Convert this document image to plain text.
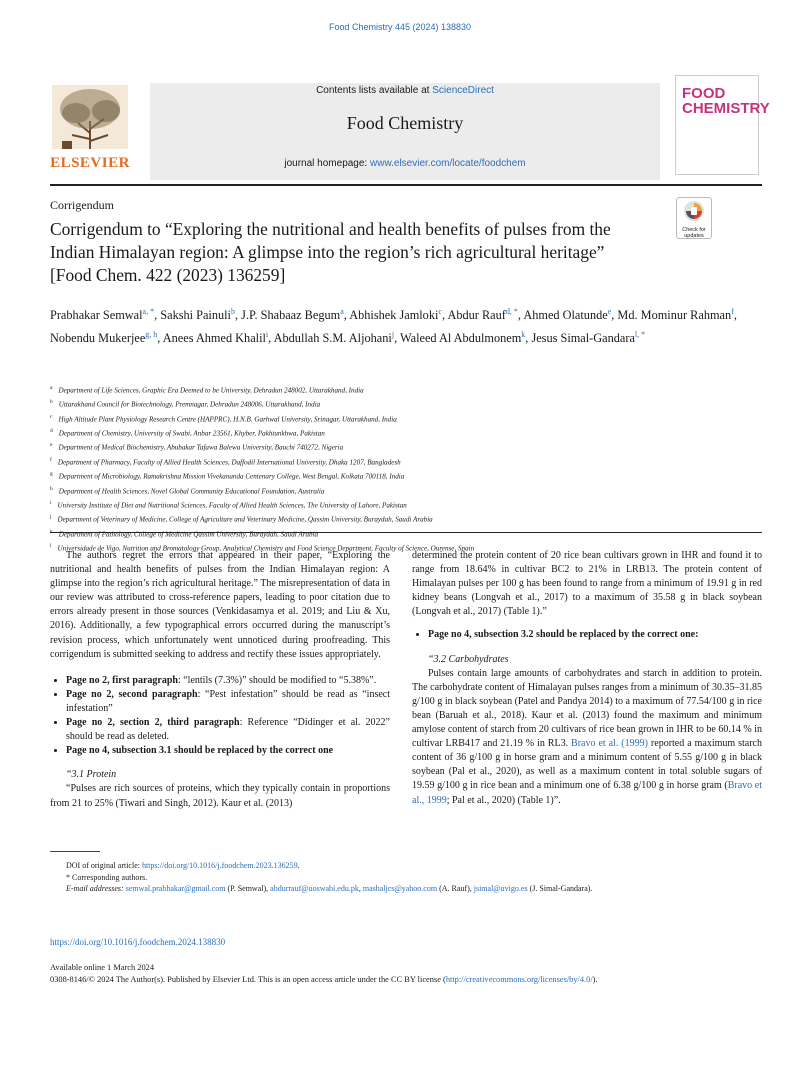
Food Chemistry 445 (2024) 138830
ELSEVIER
Contents lists available at ScienceDirect
Food Chemistry
journal homepage: www.elsevier.com/locate/foodchem
FOOD
CHEMISTRY
Corrigendum
Corrigendum to “Exploring the nutritional and health benefits of pulses from the Indian Himalayan region: A glimpse into the region’s rich agricultural heritage” [Food Chem. 422 (2023) 136259]
Check for updates
Prabhakar Semwal$^{a, *}$, Sakshi Painuli$^b$, J.P. Shabaaz Begum$^a$, Abhishek Jamloki$^c$, Abdur Rauf$^{d, *}$, Ahmed Olatunde$^e$, Md. Mominur Rahman$^f$, Nobendu Mukerjee$^{g, h}$, Anees Ahmed Khalil$^i$, Abdullah S.M. Aljohani$^j$, Waleed Al Abdulmonem$^k$, Jesus Simal-Gandara$^{l, *}$
$^a$ Department of Life Sciences, Graphic Era Deemed to be University, Dehradun 248002, Uttarakhand, India
$^b$ Uttarakhand Council for Biotechnology, Premnagar, Dehradun 248006, Uttarakhand, India
$^c$ High Altitude Plant Physiology Research Centre (HAPPRC), H.N.B. Garhwal University, Srinagar, Uttarakhand, India
$^d$ Department of Chemistry, University of Swabi, Anbar 23561, Khyber, Pakhtunkhwa, Pakistan
$^e$ Department of Medical Biochemistry, Abubakar Tafawa Balewa University, Bauchi 740272, Nigeria
$^f$ Department of Pharmacy, Faculty of Allied Health Sciences, Daffodil International University, Dhaka 1207, Bangladesh
$^g$ Department of Microbiology, Ramakrishna Mission Vivekananda Centenary College, West Bengal, Kolkata 700118, India
$^h$ Department of Health Sciences, Novel Global Community Educational Foundation, Australia
$^i$ University Institute of Diet and Nutritional Sciences, Faculty of Allied Health Sciences, The University of Lahore, Pakistan
$^j$ Department of Veterinary of Medicine, College of Agriculture and Veterinary Medicine, Qassim University, Buraydah, Saudi Arabia
$^k$ Department of Pathology, College of Medicine Qassim University, Buraydah, Saudi Arabia
$^l$ Universidade de Vigo, Nutrition and Bromatology Group, Analytical Chemistry and Food Science Department, Faculty of Science, Ourense, Spain
The authors regret the errors that appeared in their paper, “Exploring the nutritional and health benefits of pulses from the Indian Himalayan region: A glimpse into the region’s rich agricultural heritage.” The misrepresentation of data in our review was attributed to cross-reference papers, leading to poor citation due to errors already present in those sources (Venkidasamya et al. 2019; and Liu & Xu, 2016). Additionally, a few typographical errors occurred during the manuscript’s revision process, which unfortunately went unnoticed during proofreading. This corrigendum is submitted seeking to address and rectify these issues appropriately.
• Page no 2, first paragraph: “lentils (7.3%)” should be modified to “5.38%”.
• Page no 2, second paragraph: “Pest infestation” should be read as “insect infestation”
• Page no 2, section 2, third paragraph: Reference “Didinger et al. 2022” should be read as deleted.
• Page no 4, subsection 3.1 should be replaced by the correct one
“3.1 Protein
“Pulses are rich sources of proteins, which they typically contain in proportions from 21 to 25% (Tiwari and Singh, 2012). Kaur et al. (2013)
determined the protein content of 20 rice bean cultivars grown in IHR and found it to range from 18.64% in cultivar BC2 to 21% in LRB13. The protein content of Himalayan pulses per 100 g has been found to range from a minimum of 19.91 g in red kidney beans (Longvah et al., 2017) to a maximum of 35.58 g in black soybean (Longvah et al., 2017) (Table 1).”
• Page no 4, subsection 3.2 should be replaced by the correct one:
“3.2 Carbohydrates
Pulses contain large amounts of carbohydrates and starch in addition to protein. The carbohydrate content of Himalayan pulses ranges from a minimum of 30.35–31.85 g/100 g in black soybean (Patel and Pandya 2014) to a maximum of 77.54/100 g in rice bean (Baruah et al., 2018). Kaur et al. (2013) found the maximum and minimum amylose content of starch from 20 cultivars of rice bean grown in IHR to be 60.14 % in cultivar LRB417 and 21.19 % in RL3. Bravo et al. (1999) reported a maximum starch content of 36 g/100 g in horse gram and a minimum content of 5.55 g/100 g in black soybean (Pal et al., 2020), as well as a maximum content in total soluble sugars of 19.59 g/100 g in rice bean and a minimum one of 6.38 g/100 g in horse gram (Bravo et al., 1999; Pal et al., 2020) (Table 1)”.
DOI of original article: https://doi.org/10.1016/j.foodchem.2023.136259.
* Corresponding authors.
E-mail addresses: semwal.prabhakar@gmail.com (P. Semwal), abdurrauf@uoswabi.edu.pk, mashaljcs@yahoo.com (A. Rauf), jsimal@uvigo.es (J. Simal-Gandara).
https://doi.org/10.1016/j.foodchem.2024.138830
Available online 1 March 2024
0308-8146/© 2024 The Author(s). Published by Elsevier Ltd. This is an open access article under the CC BY license (http://creativecommons.org/licenses/by/4.0/).
